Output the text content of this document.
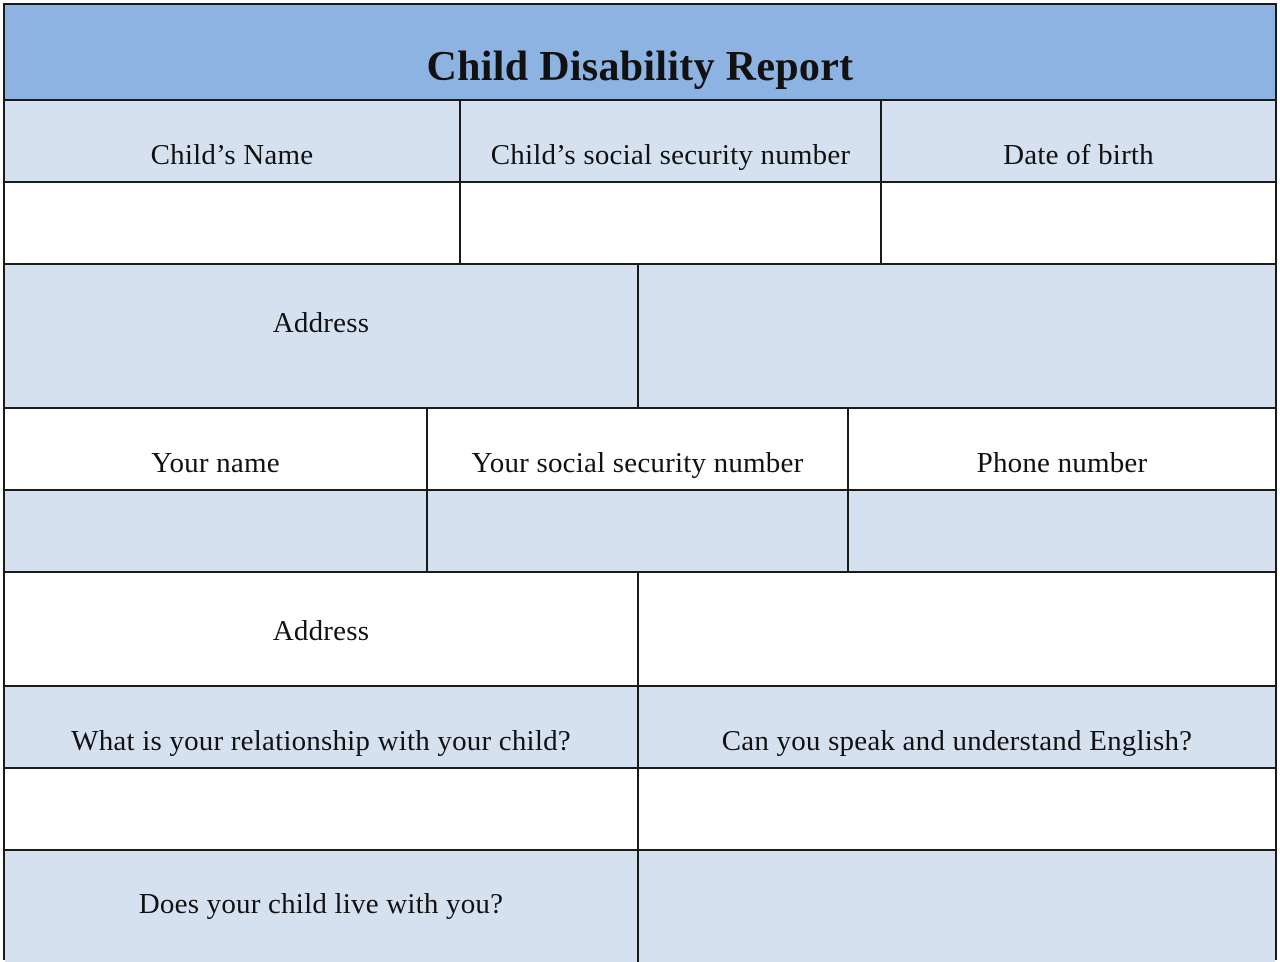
Child Disability Report
Child’s Name	Child’s social security number	Date of birth
Address
Your name	Your social security number	Phone number
Address
What is your relationship with your child?	Can you speak and understand English?
Does your child live with you?
